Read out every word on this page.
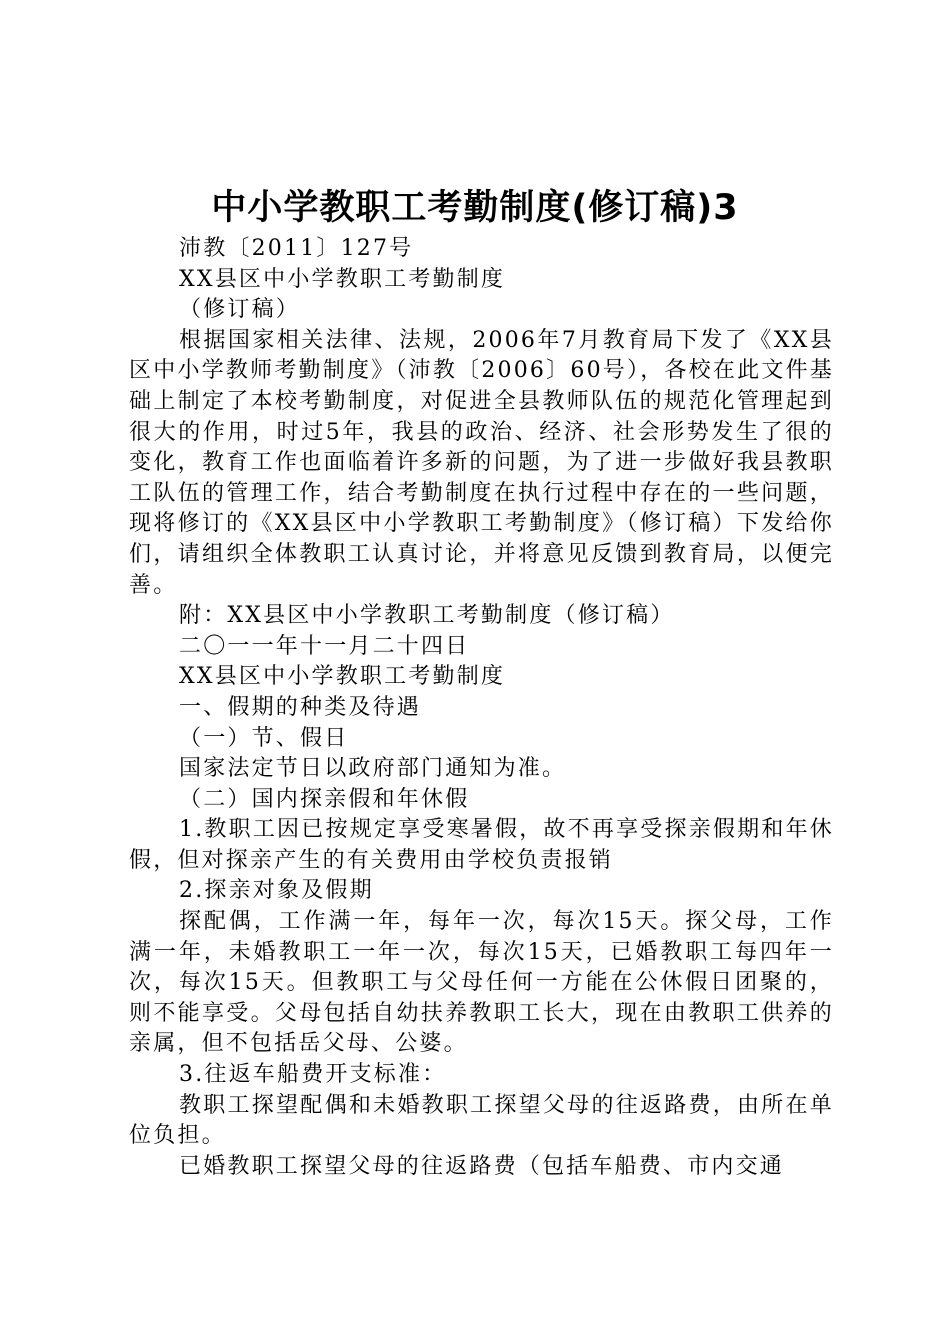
中小学教职工考勤制度(修订稿)3

沛教〔2011〕127号

XX县区中小学教职工考勤制度

（修订稿）

根据国家相关法律、法规，2006年7月教育局下发了《XX县区中小学教师考勤制度》（沛教〔2006〕60号），各校在此文件基础上制定了本校考勤制度，对促进全县教师队伍的规范化管理起到很大的作用，时过5年，我县的政治、经济、社会形势发生了很的变化，教育工作也面临着许多新的问题，为了进一步做好我县教职工队伍的管理工作，结合考勤制度在执行过程中存在的一些问题，现将修订的《XX县区中小学教职工考勤制度》（修订稿）下发给你们，请组织全体教职工认真讨论，并将意见反馈到教育局，以便完善。

附：XX县区中小学教职工考勤制度（修订稿）

二〇一一年十一月二十四日

XX县区中小学教职工考勤制度

一、假期的种类及待遇

（一）节、假日

国家法定节日以政府部门通知为准。

（二）国内探亲假和年休假

1.教职工因已按规定享受寒暑假，故不再享受探亲假期和年休假，但对探亲产生的有关费用由学校负责报销

2.探亲对象及假期

探配偶，工作满一年，每年一次，每次15天。探父母，工作满一年，未婚教职工一年一次，每次15天，已婚教职工每四年一次，每次15天。但教职工与父母任何一方能在公休假日团聚的，则不能享受。父母包括自幼扶养教职工长大，现在由教职工供养的亲属，但不包括岳父母、公婆。

3.往返车船费开支标准：

教职工探望配偶和未婚教职工探望父母的往返路费，由所在单位负担。

已婚教职工探望父母的往返路费（包括车船费、市内交通
